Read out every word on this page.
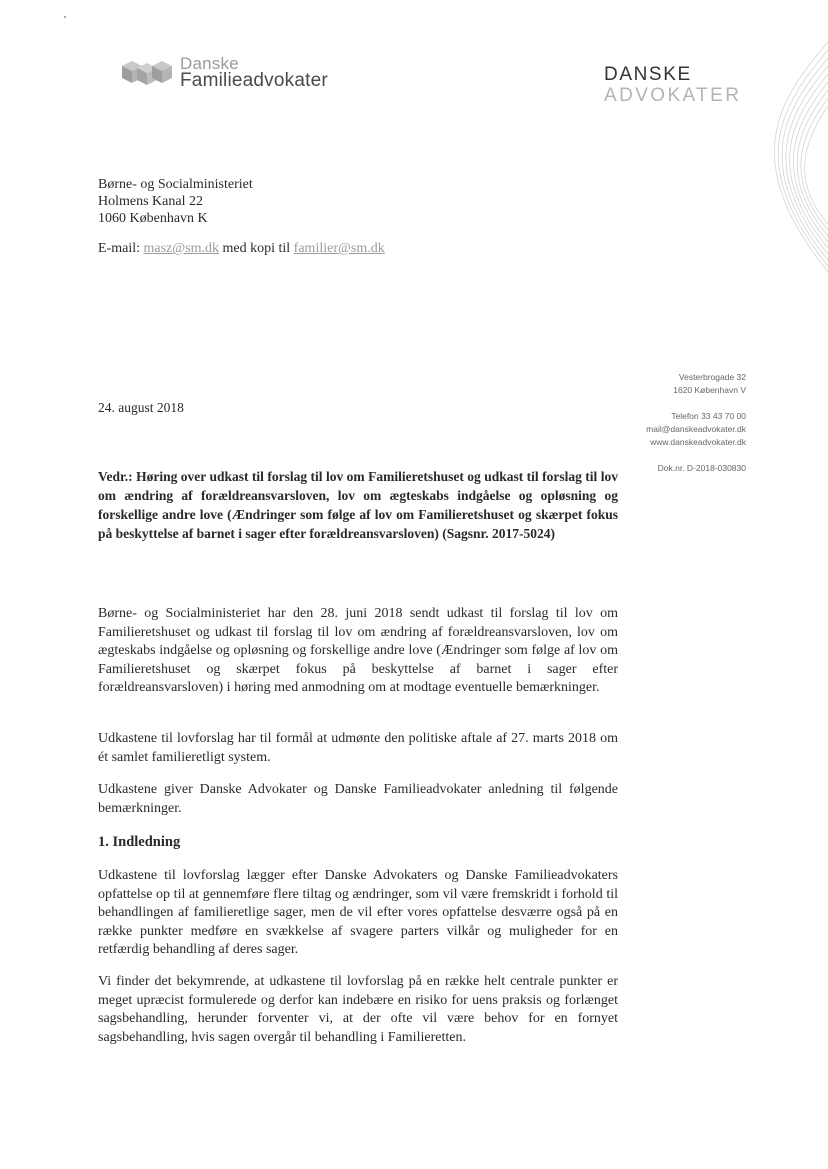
Danske
Familieadvokater	DANSKE
ADVOKATER
Børne- og Socialministeriet
Holmens Kanal 22
1060 København K
E-mail: masz@sm.dk med kopi til familier@sm.dk
Vesterbrogade 32
1620 København V
Telefon 33 43 70 00
mail@danskeadvokater.dk
www.danskeadvokater.dk
Dok.nr. D-2018-030830
24. august 2018
Vedr.: Høring over udkast til forslag til lov om Familieretshuset og udkast til forslag til lov om ændring af forældreansvarsloven, lov om ægteskabs indgåelse og opløsning og forskellige andre love (Ændringer som følge af lov om Familieretshuset og skærpet fokus på beskyttelse af barnet i sager efter forældreansvarsloven) (Sagsnr. 2017-5024)
Børne- og Socialministeriet har den 28. juni 2018 sendt udkast til forslag til lov om Familieretshuset og udkast til forslag til lov om ændring af forældreansvarsloven, lov om ægteskabs indgåelse og opløsning og forskellige andre love (Ændringer som følge af lov om Familieretshuset og skærpet fokus på beskyttelse af barnet i sager efter forældreansvarsloven) i høring med anmodning om at modtage eventuelle bemærkninger.
Udkastene til lovforslag har til formål at udmønte den politiske aftale af 27. marts 2018 om ét samlet familieretligt system.
Udkastene giver Danske Advokater og Danske Familieadvokater anledning til følgende bemærkninger.
1. Indledning
Udkastene til lovforslag lægger efter Danske Advokaters og Danske Familieadvokaters opfattelse op til at gennemføre flere tiltag og ændringer, som vil være fremskridt i forhold til behandlingen af familieretlige sager, men de vil efter vores opfattelse desværre også på en række punkter medføre en svækkelse af svagere parters vilkår og muligheder for en retfærdig behandling af deres sager.
Vi finder det bekymrende, at udkastene til lovforslag på en række helt centrale punkter er meget upræcist formulerede og derfor kan indebære en risiko for uens praksis og forlænget sagsbehandling, herunder forventer vi, at der ofte vil være behov for en fornyet sagsbehandling, hvis sagen overgår til behandling i Familieretten.
